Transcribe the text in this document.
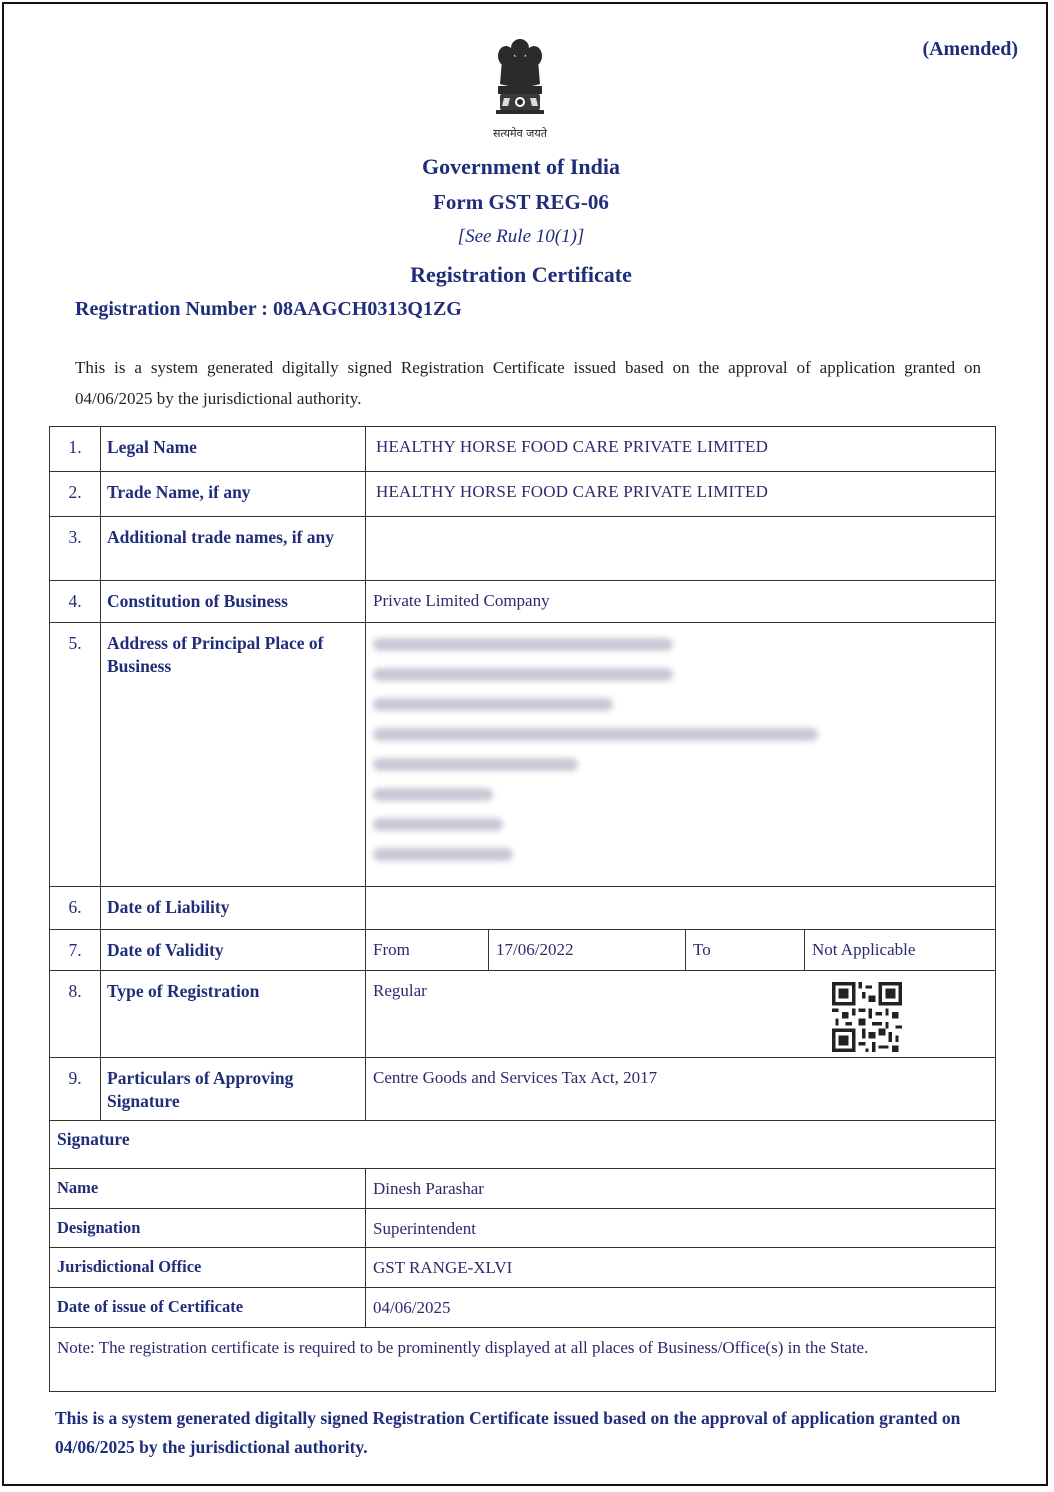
(Amended)
सत्यमेव जयते
Government of India
Form GST REG-06
[See Rule 10(1)]
Registration Certificate
Registration Number : 08AAGCH0313Q1ZG
This is a system generated digitally signed Registration Certificate issued based on the approval of application granted on 04/06/2025 by the jurisdictional authority.
1.	Legal Name	HEALTHY HORSE FOOD CARE PRIVATE LIMITED			
2.	Trade Name, if any	HEALTHY HORSE FOOD CARE PRIVATE LIMITED			
3.	Additional trade names, if any				
4.	Constitution of Business	Private Limited Company			
5.	Address of Principal Place of Business				

6.	Date of Liability				
7.	Date of Validity	From	17/06/2022	To	Not Applicable
8.	Type of Registration	Regular			
9.	Particulars of Approving Signature	Centre Goods and Services Tax Act, 2017			
Signature					
Name		Dinesh Parashar			
Designation		Superintendent			
Jurisdictional Office		GST RANGE-XLVI			
Date of issue of Certificate		04/06/2025			
Note: The registration certificate is required to be prominently displayed at all places of Business/Office(s) in the State.					
This is a system generated digitally signed Registration Certificate issued based on the approval of application granted on 04/06/2025 by the jurisdictional authority.
